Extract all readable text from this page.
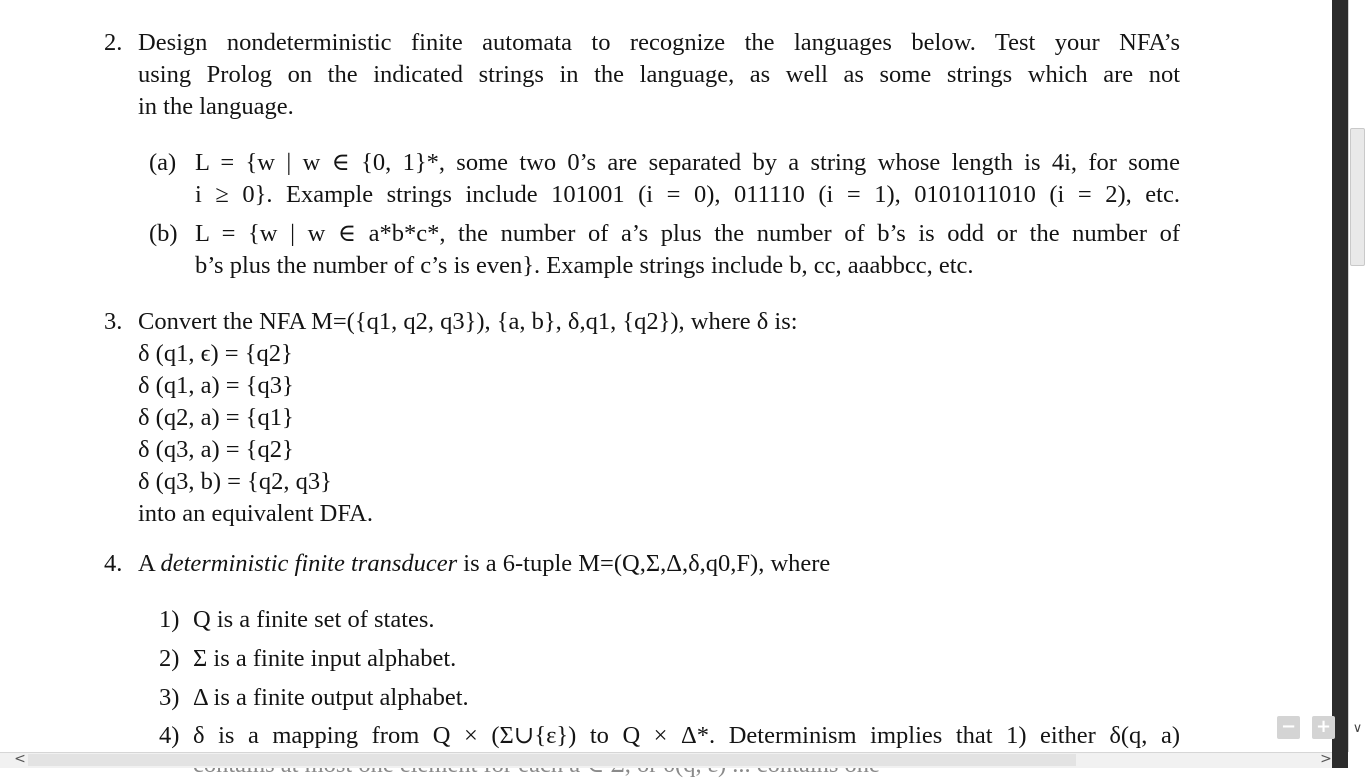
2. Design nondeterministic finite automata to recognize the languages below. Test your NFA’s
using Prolog on the indicated strings in the language, as well as some strings which are not
in the language.
(a) L = {w | w ∈ {0, 1}*, some two 0’s are separated by a string whose length is 4i, for some
i ≥ 0}. Example strings include 101001 (i = 0), 011110 (i = 1), 0101011010 (i = 2), etc.
(b) L = {w | w ∈ a*b*c*, the number of a’s plus the number of b’s is odd or the number of
b’s plus the number of c’s is even}. Example strings include b, cc, aaabbcc, etc.
3. Convert the NFA M=({q1, q2, q3}), {a, b}, δ,q1, {q2}), where δ is:
δ (q1, ϵ) = {q2}
δ (q1, a) = {q3}
δ (q2, a) = {q1}
δ (q3, a) = {q2}
δ (q3, b) = {q2, q3}
into an equivalent DFA.
4. A deterministic finite transducer is a 6-tuple M=(Q,Σ,Δ,δ,q0,F), where
1) Q is a finite set of states.
2) Σ is a finite input alphabet.
3) Δ is a finite output alphabet.
4) δ is a mapping from Q × (Σ∪{ε}) to Q × Δ*. Determinism implies that 1) either δ(q, a)	∨
<	>
− +
